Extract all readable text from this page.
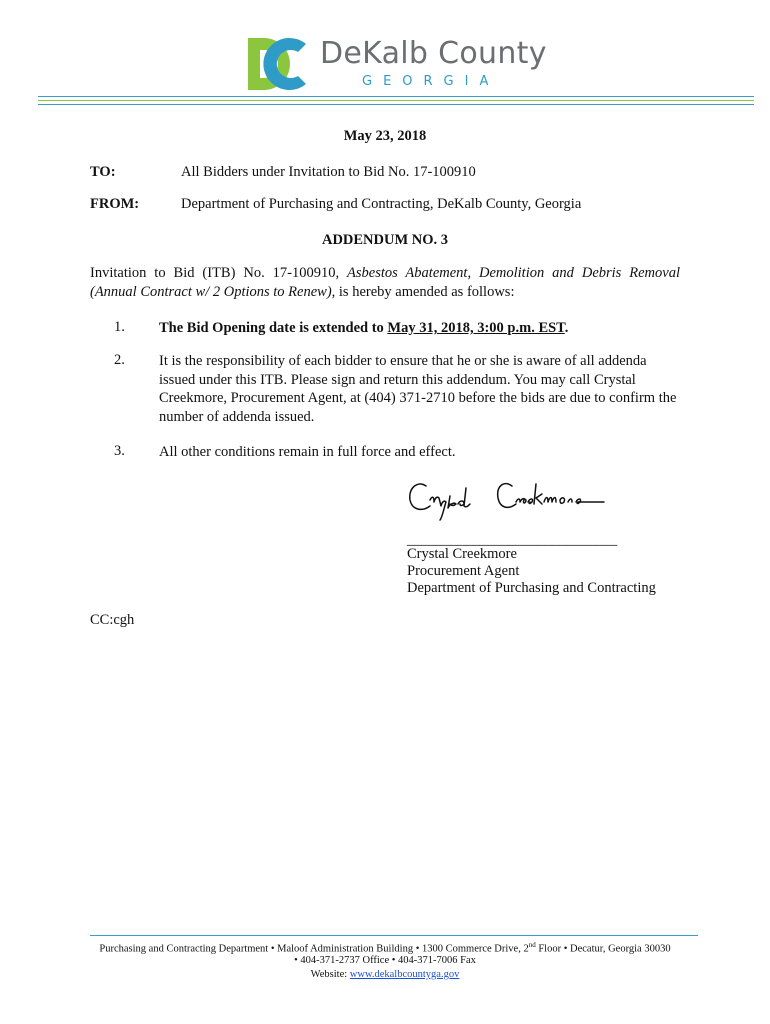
DeKalb County
GEORGIA
May 23, 2018
TO:	All Bidders under Invitation to Bid No. 17-100910
FROM:	Department of Purchasing and Contracting, DeKalb County, Georgia
ADDENDUM NO. 3
Invitation to Bid (ITB) No. 17-100910, Asbestos Abatement, Demolition and Debris Removal (Annual Contract w/ 2 Options to Renew), is hereby amended as follows:
1. The Bid Opening date is extended to May 31, 2018, 3:00 p.m. EST.
2. It is the responsibility of each bidder to ensure that he or she is aware of all addenda issued under this ITB. Please sign and return this addendum. You may call Crystal Creekmore, Procurement Agent, at (404) 371-2710 before the bids are due to confirm the number of addenda issued.
3. All other conditions remain in full force and effect.
_____________________________
Crystal Creekmore
Procurement Agent
Department of Purchasing and Contracting
CC:cgh
Purchasing and Contracting Department • Maloof Administration Building • 1300 Commerce Drive, 2nd Floor • Decatur, Georgia 30030
• 404-371-2737 Office • 404-371-7006 Fax
Website: www.dekalbcountyga.gov
